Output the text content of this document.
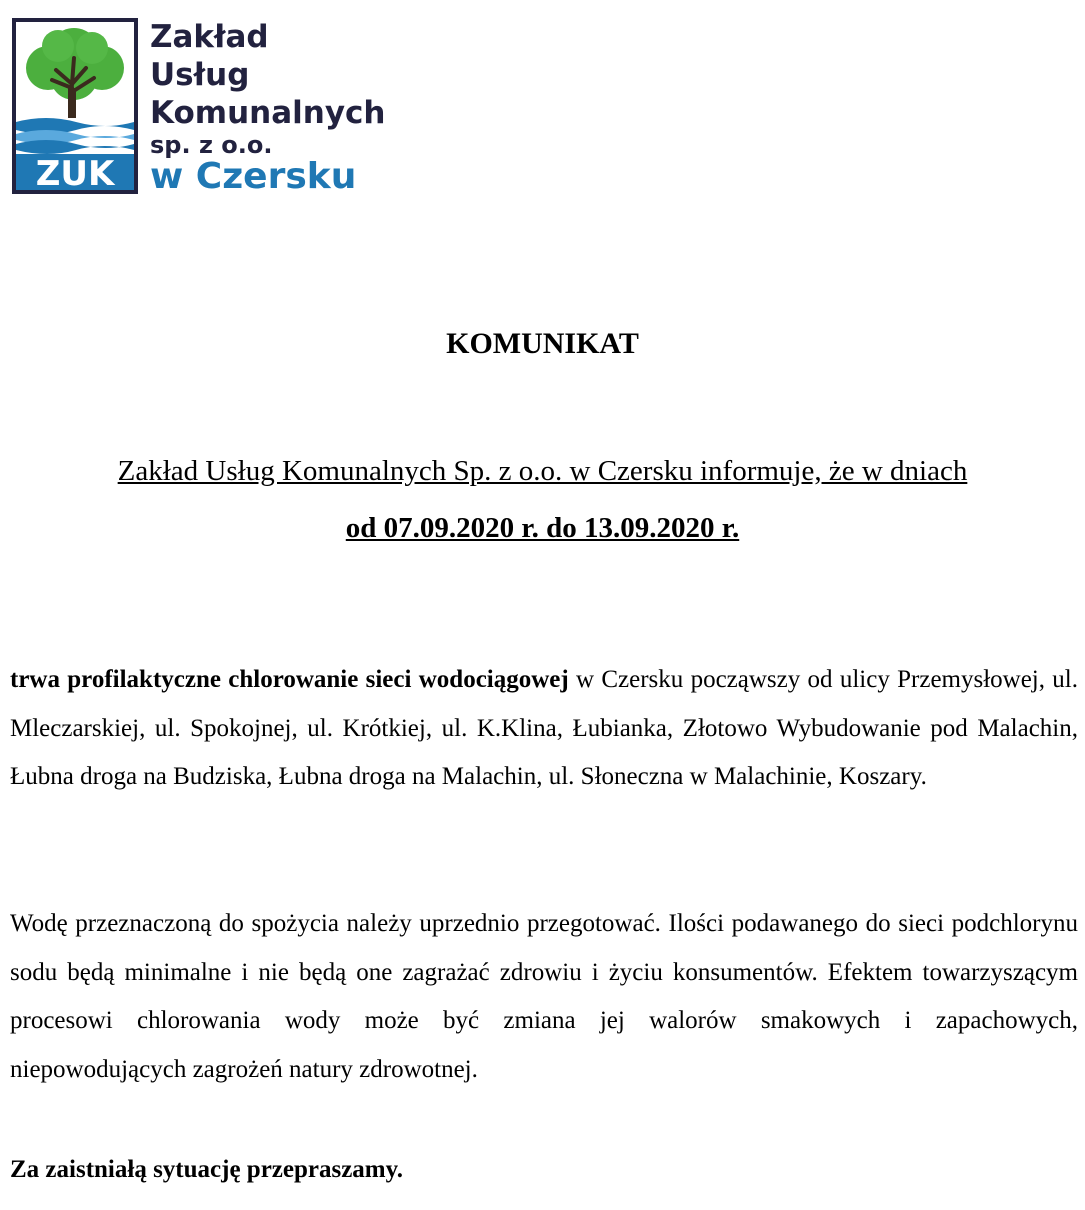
ZUK
Zakład
Usług
Komunalnych
sp. z o.o.
w Czersku
KOMUNIKAT
Zakład Usług Komunalnych Sp. z o.o. w Czersku informuje, że w dniach
od 07.09.2020 r. do 13.09.2020 r.

trwa profilaktyczne chlorowanie sieci wodociągowej w Czersku począwszy od ulicy Przemysłowej, ul. Mleczarskiej, ul. Spokojnej, ul. Krótkiej, ul. K.Klina, Łubianka, Złotowo Wybudowanie pod Malachin, Łubna droga na Budziska, Łubna droga na Malachin, ul. Słoneczna w Malachinie, Koszary.

Wodę przeznaczoną do spożycia należy uprzednio przegotować. Ilości podawanego do sieci podchlorynu sodu będą minimalne i nie będą one zagrażać zdrowiu i życiu konsumentów. Efektem towarzyszącym procesowi chlorowania wody może być zmiana jej walorów smakowych i zapachowych, niepowodujących zagrożeń natury zdrowotnej.

Za zaistniałą sytuację przepraszamy.
